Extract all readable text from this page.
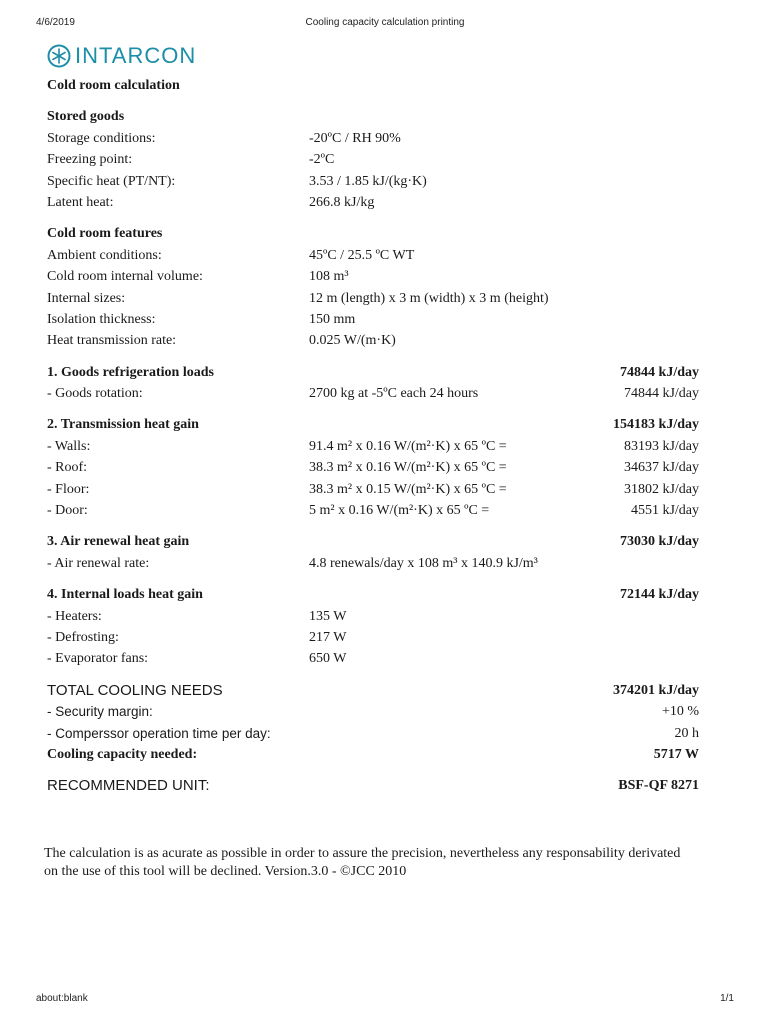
4/6/2019	Cooling capacity calculation printing
INTARCON
Cold room calculation
Stored goods
Storage conditions:	-20ºC / RH 90%
Freezing point:	-2ºC
Specific heat (PT/NT):	3.53 / 1.85 kJ/(kg·K)
Latent heat:	266.8 kJ/kg
Cold room features
Ambient conditions:	45ºC / 25.5 ºC WT
Cold room internal volume:	108 m³
Internal sizes:	12 m (length) x 3 m (width) x 3 m (height)
Isolation thickness:	150 mm
Heat transmission rate:	0.025 W/(m·K)
1. Goods refrigeration loads	74844 kJ/day
- Goods rotation:	2700 kg at -5ºC each 24 hours	74844 kJ/day
2. Transmission heat gain	154183 kJ/day
- Walls:	91.4 m² x 0.16 W/(m²·K) x 65 ºC =	83193 kJ/day
- Roof:	38.3 m² x 0.16 W/(m²·K) x 65 ºC =	34637 kJ/day
- Floor:	38.3 m² x 0.15 W/(m²·K) x 65 ºC =	31802 kJ/day
- Door:	5 m² x 0.16 W/(m²·K) x 65 ºC =	4551 kJ/day
3. Air renewal heat gain	73030 kJ/day
- Air renewal rate:	4.8 renewals/day x 108 m³ x 140.9 kJ/m³
4. Internal loads heat gain	72144 kJ/day
- Heaters:	135 W
- Defrosting:	217 W
- Evaporator fans:	650 W
TOTAL COOLING NEEDS	374201 kJ/day
- Security margin:	+10 %
- Comperssor operation time per day:	20 h
Cooling capacity needed:	5717 W
RECOMMENDED UNIT:	BSF-QF 8271
The calculation is as acurate as possible in order to assure the precision, nevertheless any responsability derivated on the use of this tool will be declined. Version.3.0 - ©JCC 2010
about:blank	1/1
